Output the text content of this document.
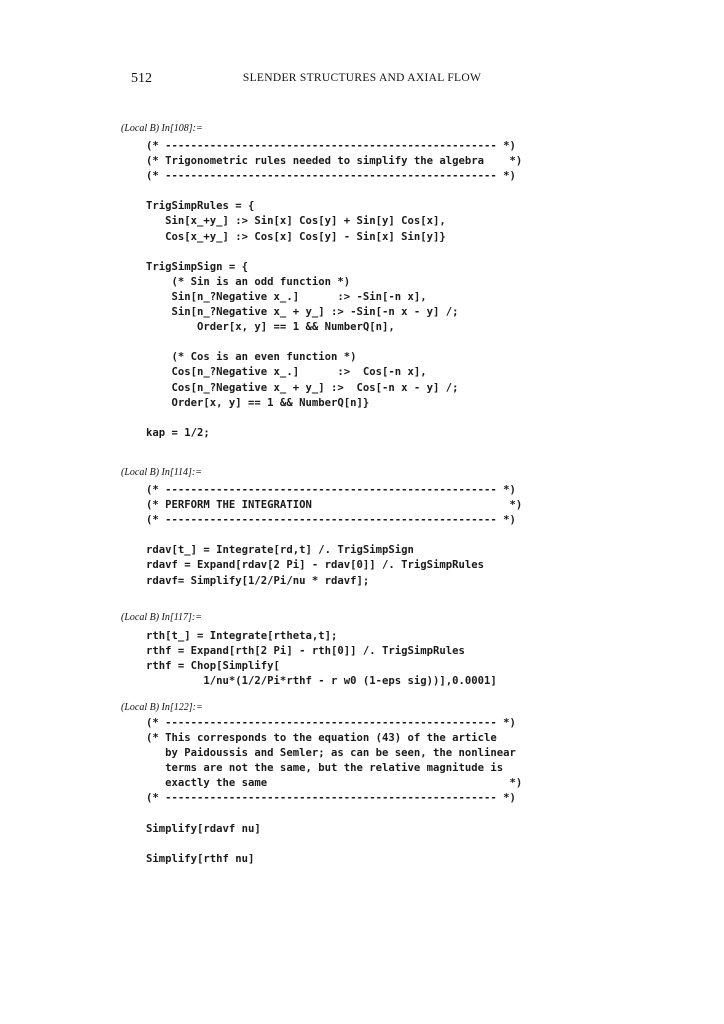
512	SLENDER STRUCTURES AND AXIAL FLOW
(Local B) In[108]:=
(* ---------------------------------------------------- *)
(* Trigonometric rules needed to simplify the algebra    *)
(* ---------------------------------------------------- *)

TrigSimpRules = {
Sin[x_+y_] :> Sin[x] Cos[y] + Sin[y] Cos[x],
Cos[x_+y_] :> Cos[x] Cos[y] - Sin[x] Sin[y]}

TrigSimpSign = {
(* Sin is an odd function *)
Sin[n_?Negative x_.]      :> -Sin[-n x],
Sin[n_?Negative x_ + y_] :> -Sin[-n x - y] /;
Order[x, y] == 1 && NumberQ[n],

(* Cos is an even function *)
Cos[n_?Negative x_.]      :>  Cos[-n x],
Cos[n_?Negative x_ + y_] :>  Cos[-n x - y] /;
Order[x, y] == 1 && NumberQ[n]}

kap = 1/2;
(Local B) In[114]:=
(* ---------------------------------------------------- *)
(* PERFORM THE INTEGRATION                               *)
(* ---------------------------------------------------- *)

rdav[t_] = Integrate[rd,t] /. TrigSimpSign
rdavf = Expand[rdav[2 Pi] - rdav[0]] /. TrigSimpRules
rdavf= Simplify[1/2/Pi/nu * rdavf];
(Local B) In[117]:=
rth[t_] = Integrate[rtheta,t];
rthf = Expand[rth[2 Pi] - rth[0]] /. TrigSimpRules
rthf = Chop[Simplify[
1/nu*(1/2/Pi*rthf - r w0 (1-eps sig))],0.0001]
(Local B) In[122]:=
(* ---------------------------------------------------- *)
(* This corresponds to the equation (43) of the article
by Paidoussis and Semler; as can be seen, the nonlinear
terms are not the same, but the relative magnitude is
exactly the same                                      *)
(* ---------------------------------------------------- *)

Simplify[rdavf nu]

Simplify[rthf nu]
